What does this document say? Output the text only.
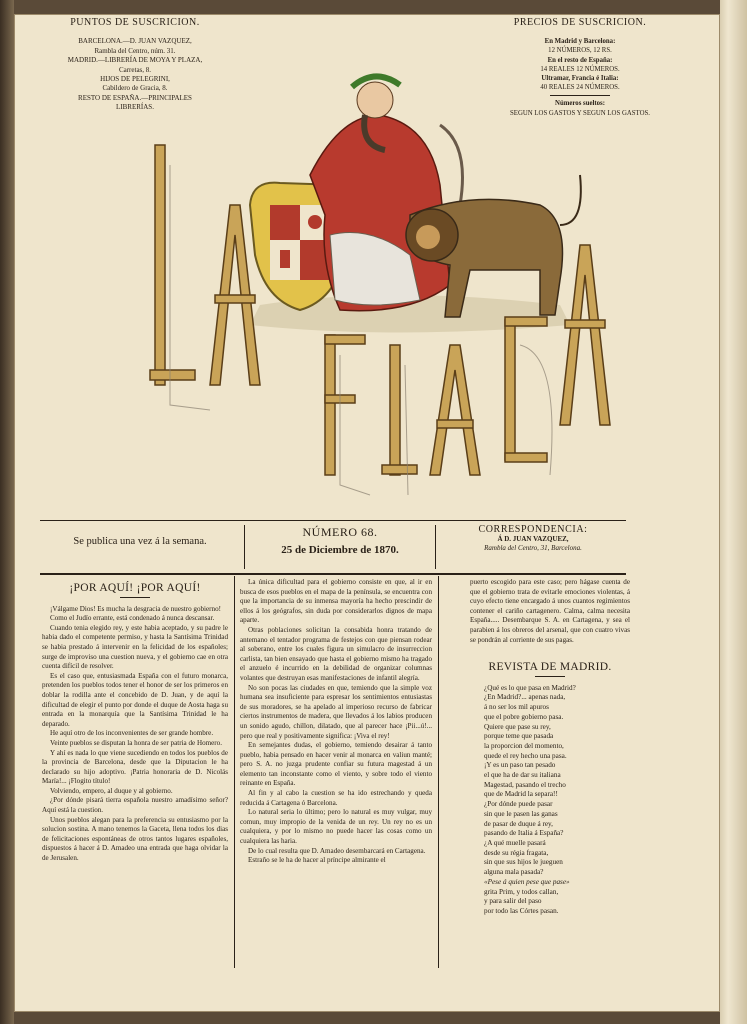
PUNTOS DE SUSCRICION.
BARCELONA.—D. JUAN VAZQUEZ,
Rambla del Centro, núm. 31.
MADRID.—LIBRERÍA DE MOYA Y PLAZA,
Carretas, 8.
HIJOS DE PELEGRINI,
Cabildero de Gracia, 8.
RESTO DE ESPAÑA.—PRINCIPALES
LIBRERÍAS.
PRECIOS DE SUSCRICION.
En Madrid y Barcelona:
12 NÚMEROS, 12 RS.
En el resto de España:
14 REALES 12 NÚMEROS.
Ultramar, Francia é Italia:
40 REALES 24 NÚMEROS.
Números sueltos:
SEGUN LOS GASTOS Y SEGUN LOS GASTOS.
Se publica una vez á la semana.
NÚMERO 68.
25 de Diciembre de 1870.
CORRESPONDENCIA:
Á D. JUAN VAZQUEZ,
Rambla del Centro, 31, Barcelona.
¡POR AQUÍ! ¡POR AQUÍ!

¡Válgame Dios! Es mucha la desgracia de nuestro gobierno!

Como el Judío errante, está condenado á nunca descansar.

Cuando tenia elegido rey, y este habia aceptado, y su padre le habia dado el competente permiso, y hasta la Santísima Trinidad se habia prestado á intervenir en la felicidad de los españoles; surge de improviso una cuestion nueva, y el gobierno cae en otra cuenta difícil de resolver.

Es el caso que, entusiasmada España con el futuro monarca, pretenden los pueblos todos tener el honor de ser los primeros en doblar la rodilla ante el concebido de D. Juan, y de aquí la dificultad de elegir el punto por donde el duque de Aosta haga su entrada en la monarquía que la Santísima Trinidad le ha deparado.

He aquí otro de los inconvenientes de ser grande hombre.

Veinte pueblos se disputan la honra de ser patria de Homero.

Y ahí es nada lo que viene sucediendo en todos los pueblos de la provincia de Barcelona, desde que la Diputacion le ha declarado su hijo adoptivo. ¡Patria honoraria de D. Nicolás María!... ¡Flogito título!

Volviendo, empero, al duque y al gobierno.

¿Por dónde pisará tierra española nuestro amadísimo señor? Aquí está la cuestion.

Unos pueblos alegan para la preferencia su entusiasmo por la solucion sostina. A mano tenemos la Gaceta, llena todos los dias de felicitaciones espontáneas de otros tantos lugares españoles, dispuestos á hacer á D. Amadeo una entrada que haga olvidar la de Jerusalen.

La única dificultad para el gobierno consiste en que, al ir en busca de esos pueblos en el mapa de la península, se encuentra con que la importancia de su inmensa mayoría ha hecho prescindir de ellos á los geógrafos, sin duda por considerarlos dignos de mapa aparte.

Otras poblaciones solicitan la consabida honra tratando de antemano el tentador programa de festejos con que piensan rodear al soberano, entre los cuales figura un simulacro de insurreccion carlista, tan bien ensayado que hasta el gobierno mismo ha tragado el anzuelo é incurrido en la debilidad de organizar columnas volantes que destruyan esas manifestaciones de infantil alegría.

No son pocas las ciudades en que, temiendo que la simple voz humana sea insuficiente para espresar los sentimientos entusiastas de sus moradores, se ha apelado al imperioso recurso de fabricar ciertos instrumentos de madera, que llevados á los labios producen un sonido agudo, chillon, dilatado, que al parecer hace ¡Pii...ú!... pero que real y positivamente significa: ¡Viva el rey!

En semejantes dudas, el gobierno, temiendo desairar á tanto pueblo, habia pensado en hacer venir al monarca en valiun manté; pero S. A. no juzga prudente confiar su futura magestad á un elemento tan inconstante como el viento, y sobre todo el viento reinante en España.

Al fin y al cabo la cuestion se ha ido estrechando y queda reducida á Cartagena ó Barcelona.

Lo natural seria lo último; pero lo natural es muy vulgar, muy comun, muy impropio de la venida de un rey. Un rey no es un cualquiera, y por lo mismo no puede hacer las cosas como un cualquiera las haria.

De lo cual resulta que D. Amadeo desembarcará en Cartagena.

Estraño se le ha de hacer al príncipe almirante el

puerto escogido para este caso; pero hágase cuenta de que el gobierno trata de evitarle emociones violentas, á cuyo efecto tiene encargado á unos cuantos regimientos contener el cariño cartagenero. Calma, calma necesita España..... Desembarque S. A. en Cartagena, y sea el parabien á los obreros del arsenal, que con cuatro vivas se pondrán al corriente de sus pagas.

REVISTA DE MADRID.
¿Qué es lo que pasa en Madrid?
¿En Madrid?... apenas nada,
á no ser los mil apuros
que el pobre gobierno pasa.
Quiere que pase su rey,
porque teme que pasada
la proporcion del momento,
quede el rey hecho una pasa.
¡Y es un paso tan pesado
el que ha de dar su italiana
Magestad, pasando el trecho
que de Madrid la separa!!
¿Por dónde puede pasar
sin que le pasen las ganas
de pasar de duque á rey,
pasando de Italia á España?
¿A qué muelle pasará
desde su régia fragata,
sin que sus hijos le jueguen
alguna mala pasada?
«Pese á quien pese que pase»
grita Prim, y todos callan,
y para salir del paso
por todo las Córtes pasan.
